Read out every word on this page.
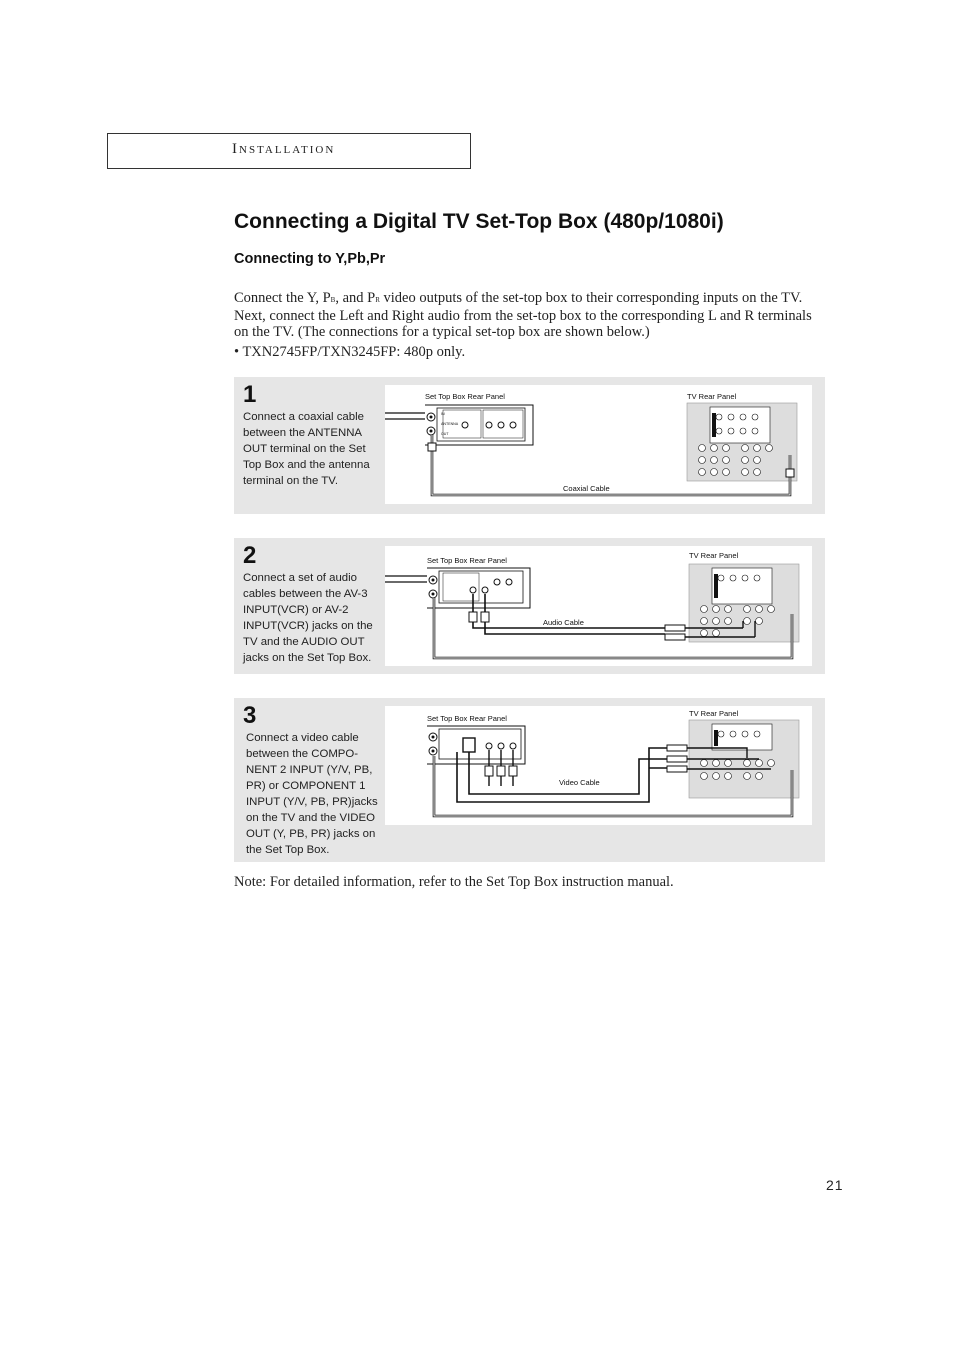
Installation
Connecting a Digital TV Set-Top Box (480p/1080i)
Connecting to Y,Pb,Pr

Connect the Y, PB, and PR video outputs of the set-top box to their corresponding inputs on the TV. Next, connect the Left and Right audio from the set-top box to the corresponding L and R terminals on the TV. (The connections for a typical set-top box are shown below.)

• TXN2745FP/TXN3245FP: 480p only.

1

Connect a coaxial cable between the ANTENNA OUT terminal on the Set Top Box and the antenna terminal on the TV.

Set Top Box Rear Panel	TV Rear Panel
IN
ANTENNA
OUT
Coaxial Cable
2

Connect a set of audio cables between the AV-3 INPUT(VCR) or AV-2 INPUT(VCR) jacks on the TV and the AUDIO OUT jacks on the Set Top Box.

Set Top Box Rear Panel
TV Rear Panel
Audio Cable
3

Connect a video cable between the COMPO-NENT 2 INPUT (Y/V, PB, PR) or COMPONENT 1 INPUT (Y/V, PB, PR)jacks on the TV and the VIDEO OUT (Y, PB, PR) jacks on the Set Top Box.

Set Top Box Rear Panel
TV Rear Panel
Video Cable

Note: For detailed information, refer to the Set Top Box instruction manual.

21
